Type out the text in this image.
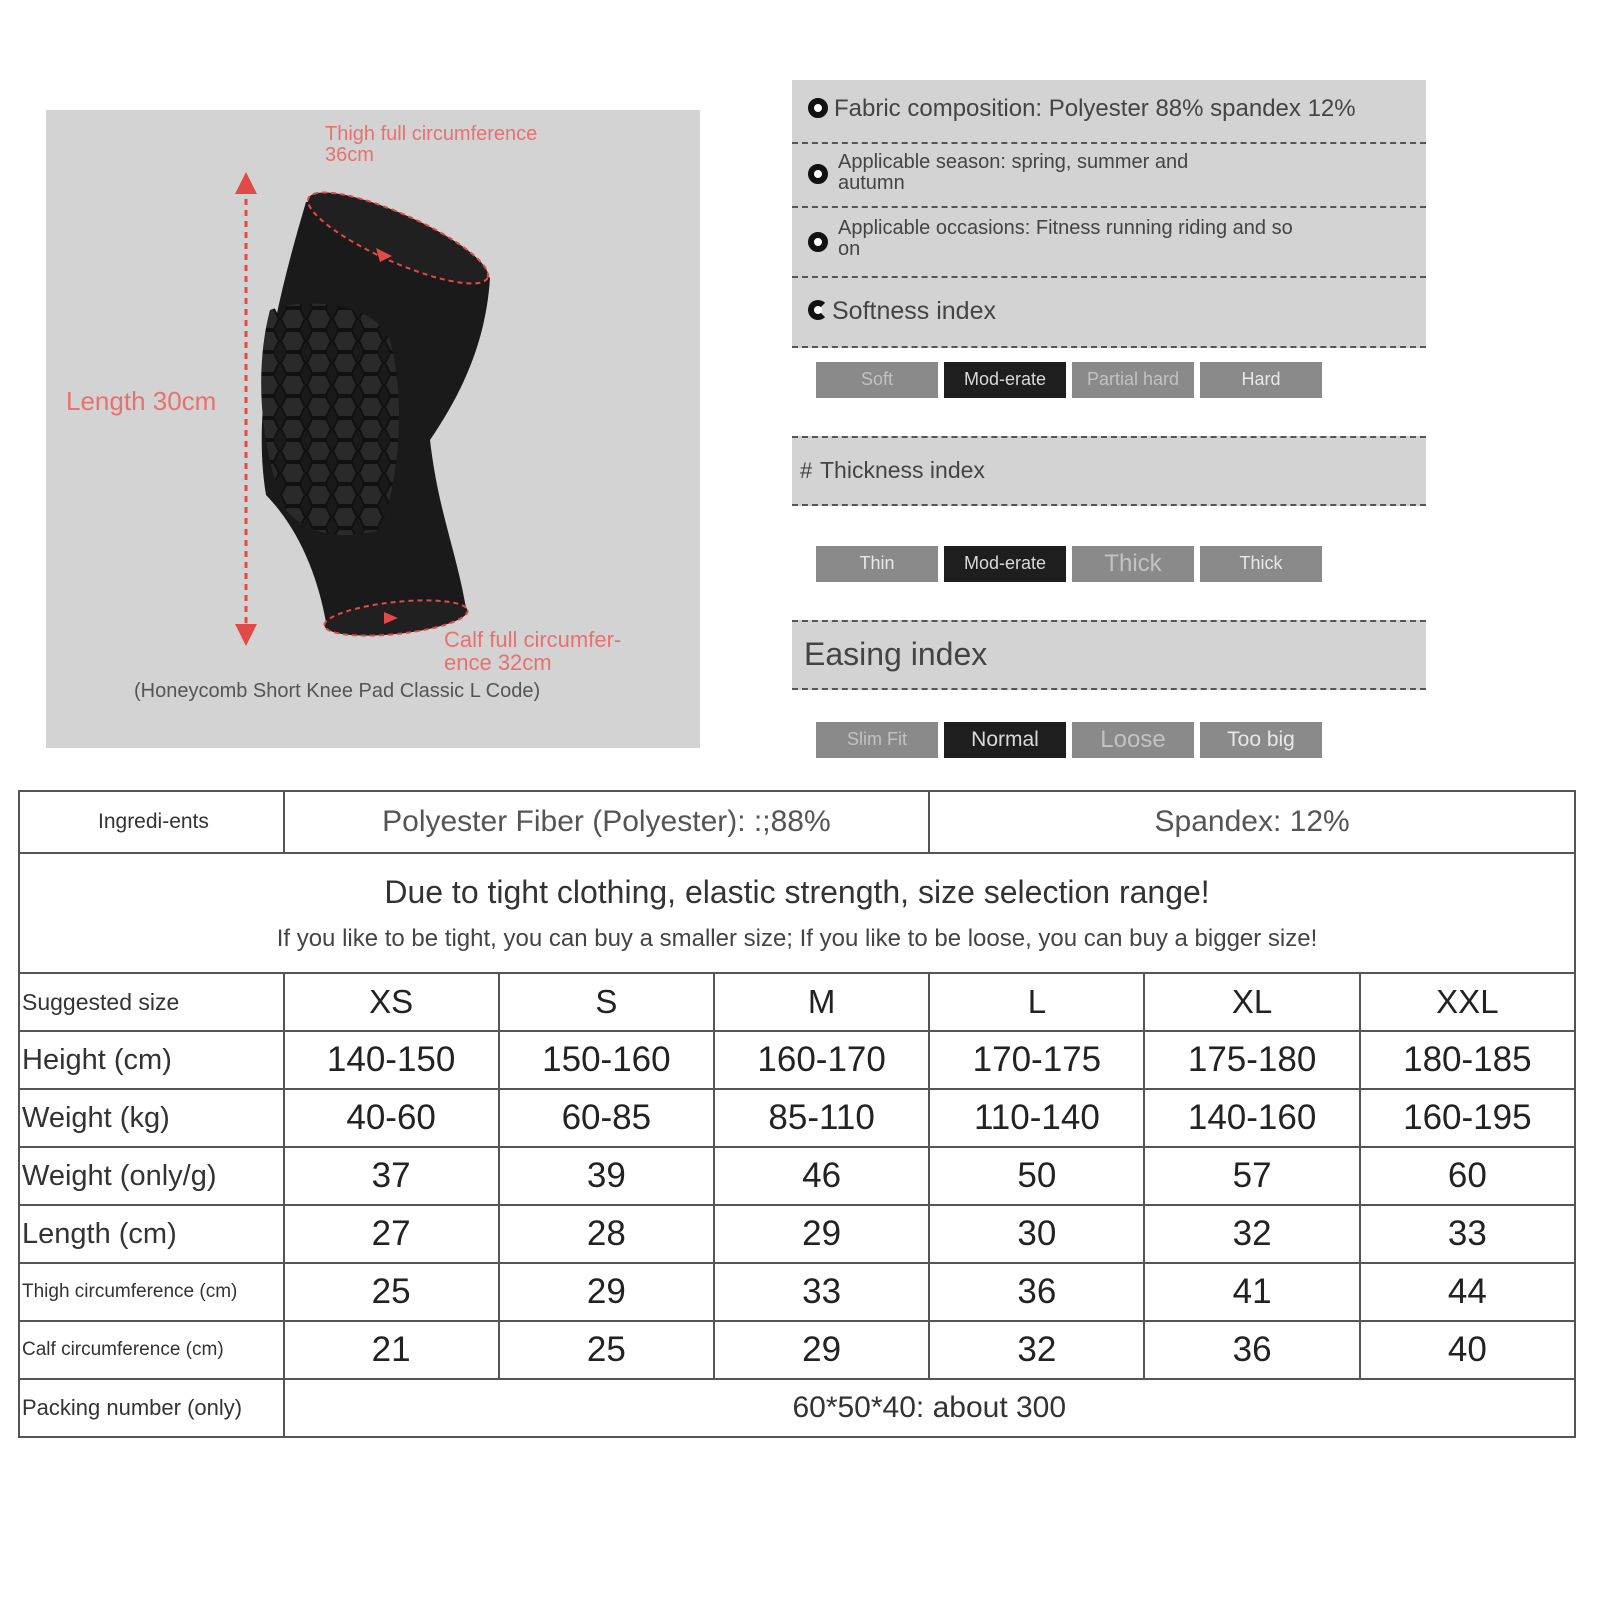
Thigh full circumference 36cm
Length 30cm
Calf full circumfer-ence 32cm
(Honeycomb Short Knee Pad Classic L Code)
Fabric composition: Polyester 88% spandex 12%
Applicable season: spring, summer and autumn
Applicable occasions: Fitness running riding and so on
Softness index
Soft	Mod-erate	Partial hard	Hard
# Thickness index
Thin	Mod-erate	Thick	Thick
Easing index
Slim Fit	Normal	Loose	Too big
Ingredi-ents	Polyester Fiber (Polyester): :;88%			Spandex: 12%		

Due to tight clothing, elastic strength, size selection range!
If you like to be tight, you can buy a smaller size; If you like to be loose, you can buy a bigger size!						

Suggested size	XS	S	M	L	XL	XXL
Height (cm)	140-150	150-160	160-170	170-175	175-180	180-185
Weight (kg)	40-60	60-85	85-110	110-140	140-160	160-195
Weight (only/g)	37	39	46	50	57	60
Length (cm)	27	28	29	30	32	33
Thigh circumference (cm)	25	29	33	36	41	44
Calf circumference (cm)	21	25	29	32	36	40
Packing number (only)	60*50*40: about 300					
